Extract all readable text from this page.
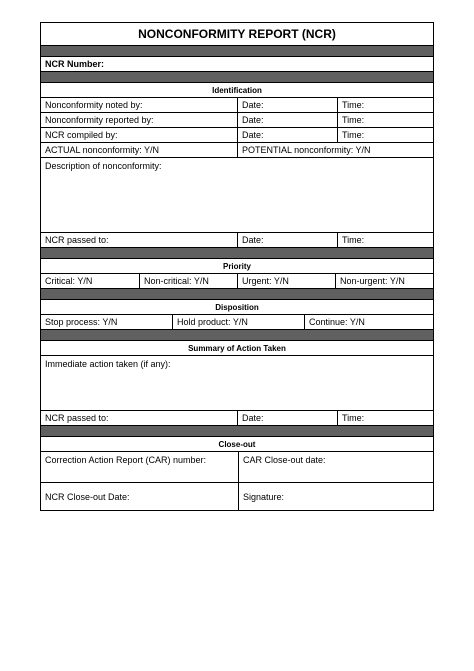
NONCONFORMITY REPORT (NCR)
NCR Number:
Identification
Nonconformity noted by:	Date:	Time:
Nonconformity reported by:	Date:	Time:
NCR compiled by:	Date:	Time:
ACTUAL nonconformity: Y/N	POTENTIAL nonconformity: Y/N
Description of nonconformity:
NCR passed to:	Date:	Time:
Priority
Critical: Y/N	Non-critical: Y/N	Urgent: Y/N	Non-urgent: Y/N
Disposition
Stop process: Y/N	Hold product: Y/N	Continue: Y/N
Summary of Action Taken
Immediate action taken (if any):
NCR passed to:	Date:	Time:
Close-out
Correction Action Report (CAR) number:	CAR Close-out date:
NCR Close-out Date:	Signature:
